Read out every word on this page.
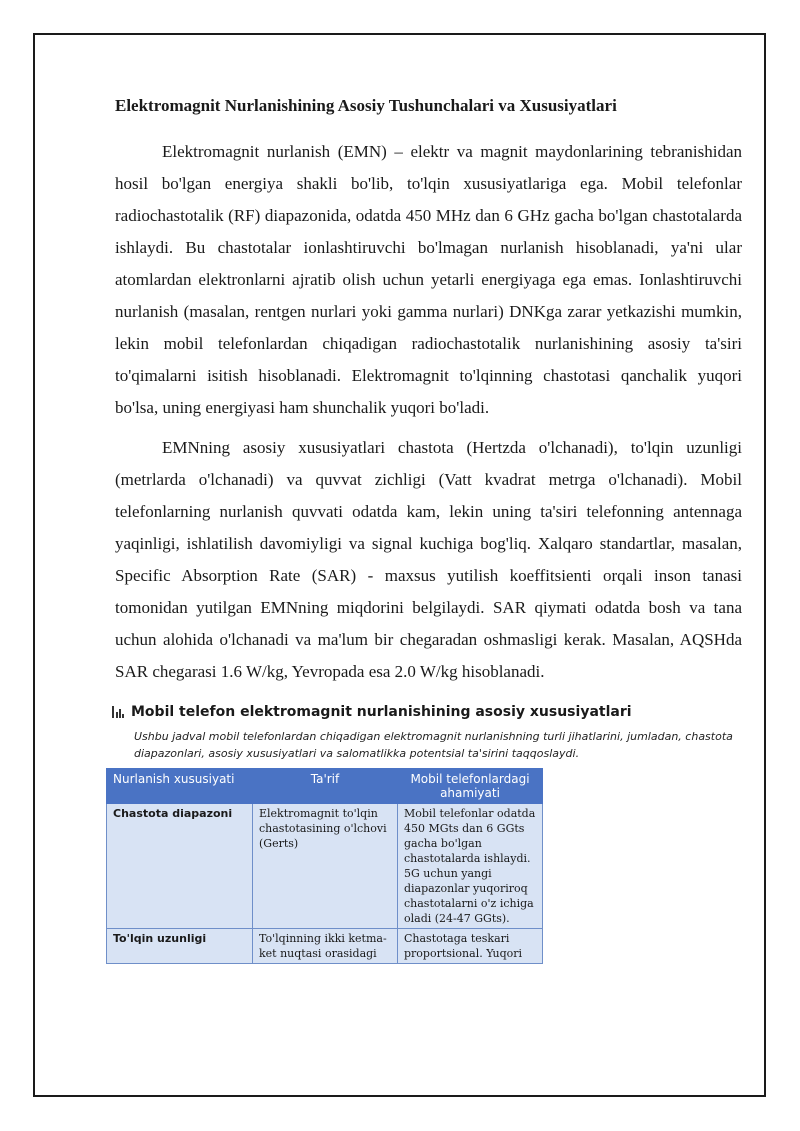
Elektromagnit Nurlanishining Asosiy Tushunchalari va Xususiyatlari

Elektromagnit nurlanish (EMN) – elektr va magnit maydonlarining tebranishidan hosil bo'lgan energiya shakli bo'lib, to'lqin xususiyatlariga ega. Mobil telefonlar radiochastotalik (RF) diapazonida, odatda 450 MHz dan 6 GHz gacha bo'lgan chastotalarda ishlaydi. Bu chastotalar ionlashtiruvchi bo'lmagan nurlanish hisoblanadi, ya'ni ular atomlardan elektronlarni ajratib olish uchun yetarli energiyaga ega emas. Ionlashtiruvchi nurlanish (masalan, rentgen nurlari yoki gamma nurlari) DNKga zarar yetkazishi mumkin, lekin mobil telefonlardan chiqadigan radiochastotalik nurlanishining asosiy ta'siri to'qimalarni isitish hisoblanadi. Elektromagnit to'lqinning chastotasi qanchalik yuqori bo'lsa, uning energiyasi ham shunchalik yuqori bo'ladi.

EMNning asosiy xususiyatlari chastota (Hertzda o'lchanadi), to'lqin uzunligi (metrlarda o'lchanadi) va quvvat zichligi (Vatt kvadrat metrga o'lchanadi). Mobil telefonlarning nurlanish quvvati odatda kam, lekin uning ta'siri telefonning antennaga yaqinligi, ishlatilish davomiyligi va signal kuchiga bog'liq. Xalqaro standartlar, masalan, Specific Absorption Rate (SAR) - maxsus yutilish koeffitsienti orqali inson tanasi tomonidan yutilgan EMNning miqdorini belgilaydi. SAR qiymati odatda bosh va tana uchun alohida o'lchanadi va ma'lum bir chegaradan oshmasligi kerak. Masalan, AQSHda SAR chegarasi 1.6 W/kg, Yevropada esa 2.0 W/kg hisoblanadi.

Mobil telefon elektromagnit nurlanishining asosiy xususiyatlari
Ushbu jadval mobil telefonlardan chiqadigan elektromagnit nurlanishning turli jihatlarini, jumladan, chastota diapazonlari, asosiy xususiyatlari va salomatlikka potentsial ta'sirini taqqoslaydi.
Nurlanish xususiyati	Ta'rif	Mobil telefonlardagi ahamiyati
Chastota diapazoni	Elektromagnit to'lqin chastotasining o'lchovi (Gerts)	Mobil telefonlar odatda 450 MGts dan 6 GGts gacha bo'lgan chastotalarda ishlaydi. 5G uchun yangi diapazonlar yuqoriroq chastotalarni o'z ichiga oladi (24-47 GGts).
To'lqin uzunligi	To'lqinning ikki ketma-ket nuqtasi orasidagi	Chastotaga teskari proportsional. Yuqori
